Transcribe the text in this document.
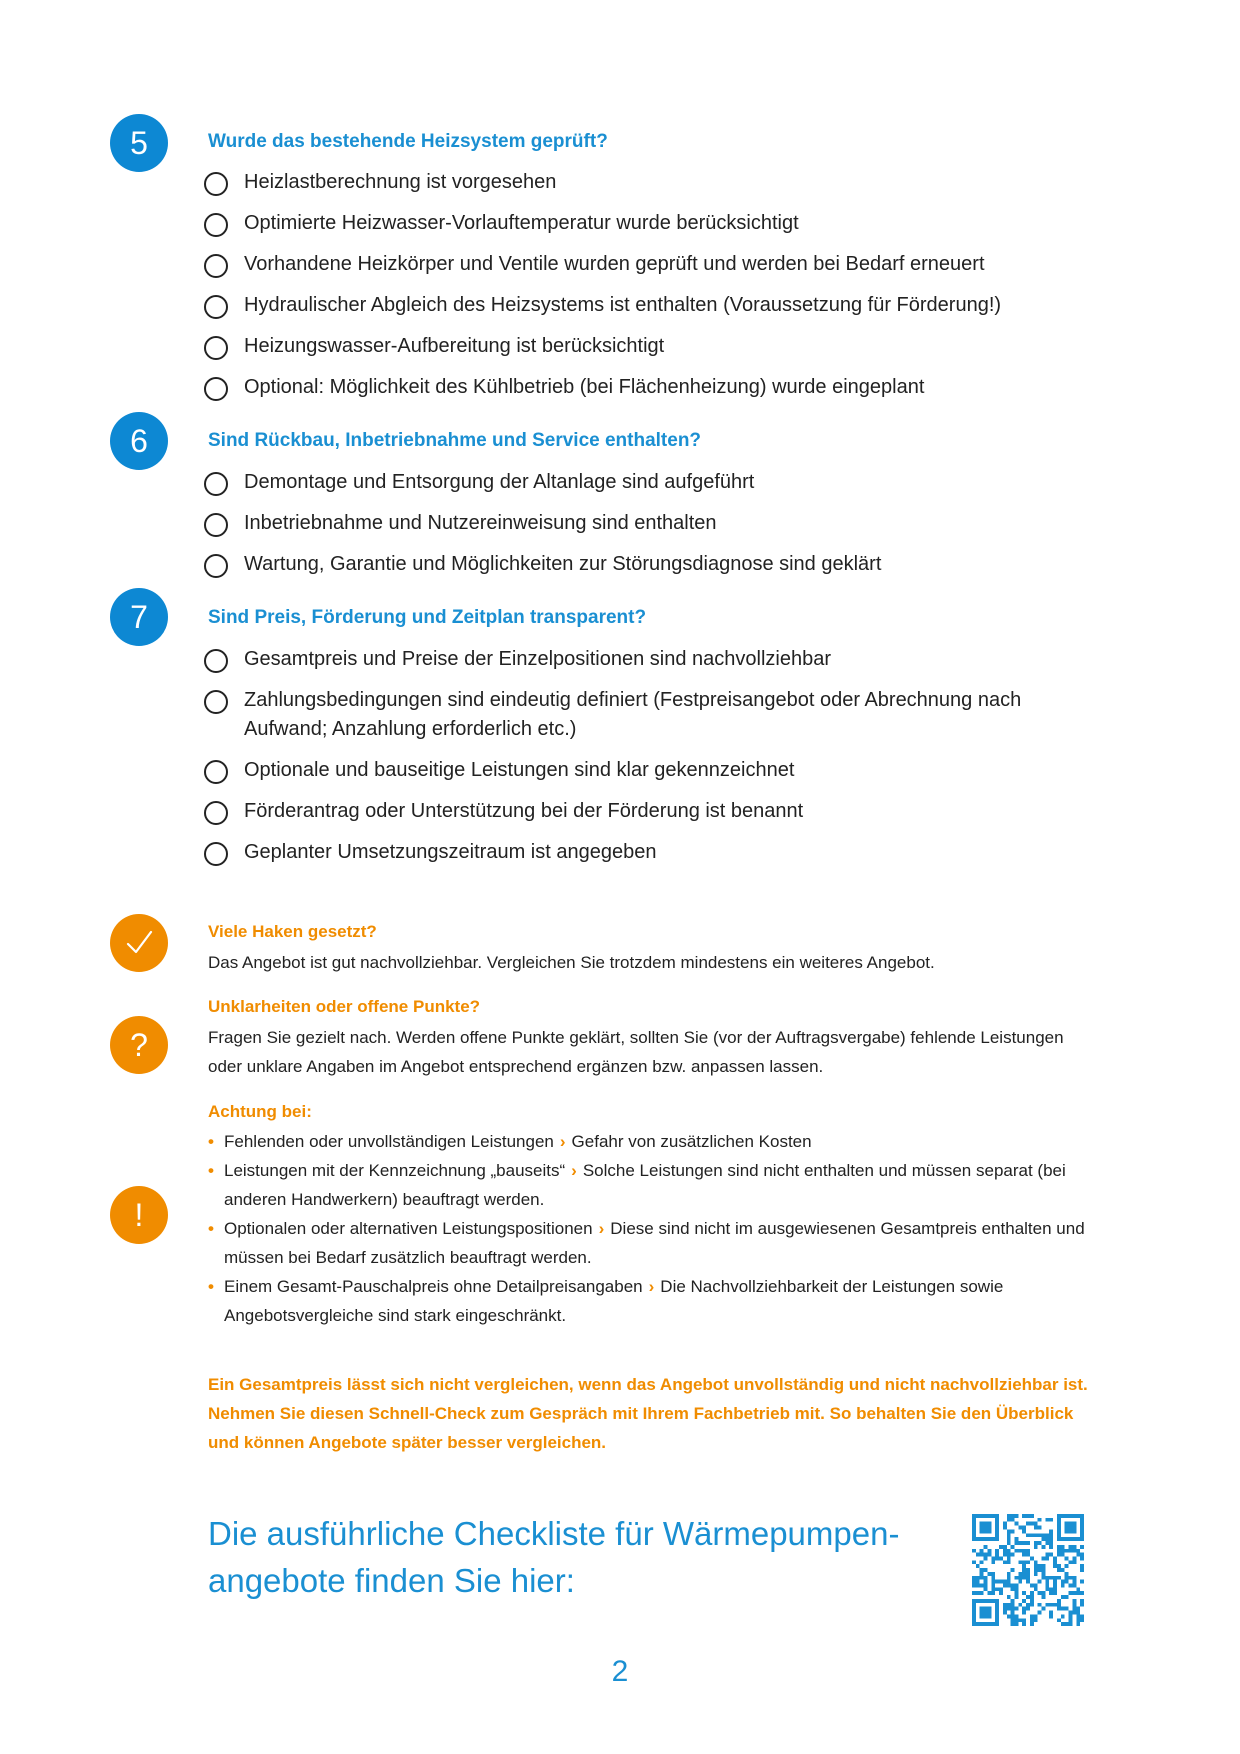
5	Wurde das bestehende Heizsystem geprüft?
Heizlastberechnung ist vorgesehen
Optimierte Heizwasser-Vorlauftemperatur wurde berücksichtigt
Vorhandene Heizkörper und Ventile wurden geprüft und werden bei Bedarf erneuert
Hydraulischer Abgleich des Heizsystems ist enthalten (Voraussetzung für Förderung!)
Heizungswasser-Aufbereitung ist berücksichtigt
Optional: Möglichkeit des Kühlbetrieb (bei Flächenheizung) wurde eingeplant
6	Sind Rückbau, Inbetriebnahme und Service enthalten?
Demontage und Entsorgung der Altanlage sind aufgeführt
Inbetriebnahme und Nutzereinweisung sind enthalten
Wartung, Garantie und Möglichkeiten zur Störungsdiagnose sind geklärt
7	Sind Preis, Förderung und Zeitplan transparent?
Gesamtpreis und Preise der Einzelpositionen sind nachvollziehbar
Zahlungsbedingungen sind eindeutig definiert (Festpreisangebot oder Abrechnung nach Aufwand; Anzahlung erforderlich etc.)
Optionale und bauseitige Leistungen sind klar gekennzeichnet
Förderantrag oder Unterstützung bei der Förderung ist benannt
Geplanter Umsetzungszeitraum ist angegeben
Viele Haken gesetzt?
Das Angebot ist gut nachvollziehbar. Vergleichen Sie trotzdem mindestens ein weiteres Angebot.
?
Unklarheiten oder offene Punkte?
Fragen Sie gezielt nach. Werden offene Punkte geklärt, sollten Sie (vor der Auftragsvergabe) fehlende Leistungen oder unklare Angaben im Angebot entsprechend ergänzen bzw. anpassen lassen.
!
Achtung bei:
• Fehlenden oder unvollständigen Leistungen › Gefahr von zusätzlichen Kosten
• Leistungen mit der Kennzeichnung „bauseits“ › Solche Leistungen sind nicht enthalten und müssen separat (bei anderen Handwerkern) beauftragt werden.
• Optionalen oder alternativen Leistungspositionen › Diese sind nicht im ausgewiesenen Gesamtpreis enthalten und müssen bei Bedarf zusätzlich beauftragt werden.
• Einem Gesamt-Pauschalpreis ohne Detailpreisangaben › Die Nachvollziehbarkeit der Leistungen sowie Angebotsvergleiche sind stark eingeschränkt.
Ein Gesamtpreis lässt sich nicht vergleichen, wenn das Angebot unvollständig und nicht nachvollziehbar ist. Nehmen Sie diesen Schnell-Check zum Gespräch mit Ihrem Fachbetrieb mit. So behalten Sie den Überblick und können Angebote später besser vergleichen.
Die ausführliche Checkliste für Wärmepumpen-angebote finden Sie hier:
2
